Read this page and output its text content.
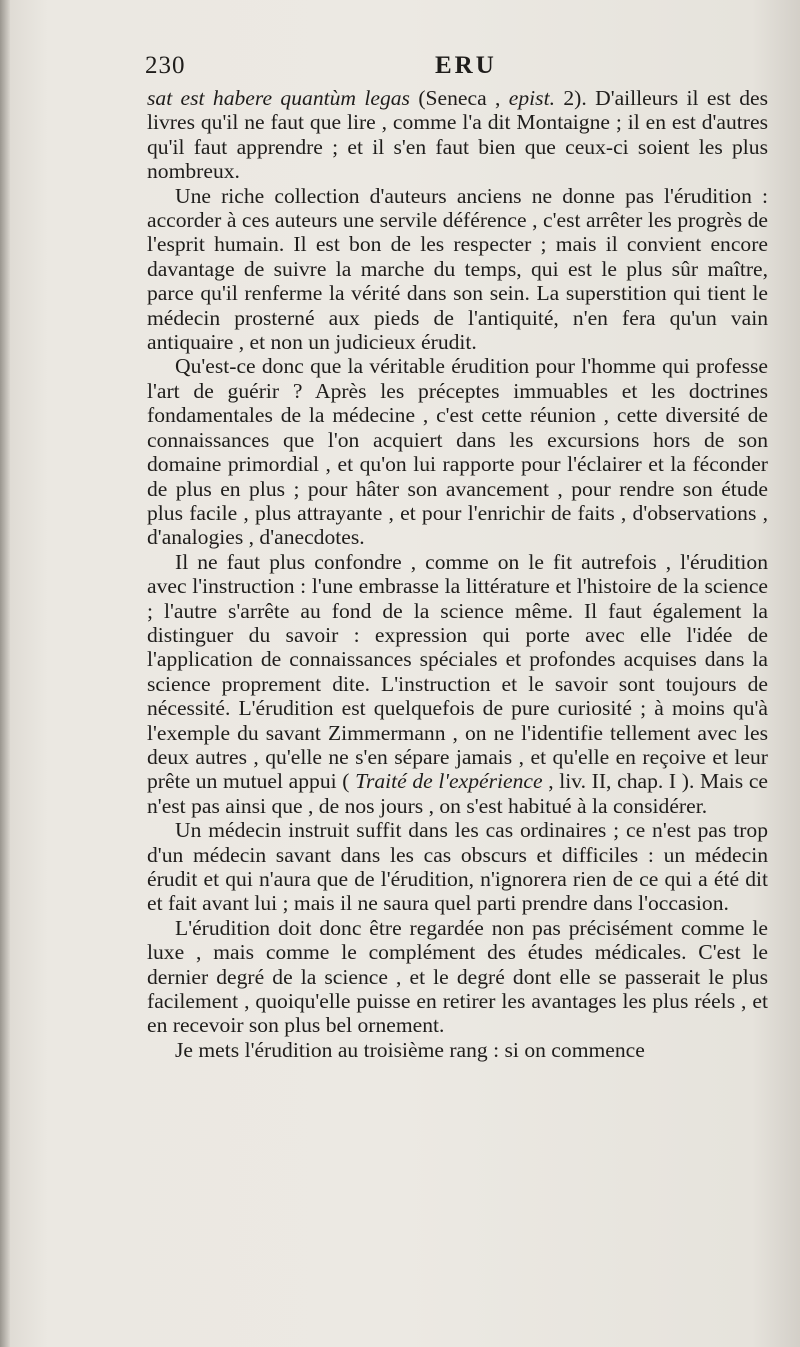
230	ERU

sat est habere quantùm legas (Seneca , epist. 2). D'ailleurs il est des livres qu'il ne faut que lire , comme l'a dit Montaigne ; il en est d'autres qu'il faut apprendre ; et il s'en faut bien que ceux-ci soient les plus nombreux.

Une riche collection d'auteurs anciens ne donne pas l'érudition : accorder à ces auteurs une servile déférence , c'est arrêter les progrès de l'esprit humain. Il est bon de les respecter ; mais il convient encore davantage de suivre la marche du temps, qui est le plus sûr maître, parce qu'il renferme la vérité dans son sein. La superstition qui tient le médecin prosterné aux pieds de l'antiquité, n'en fera qu'un vain antiquaire , et non un judicieux érudit.

Qu'est-ce donc que la véritable érudition pour l'homme qui professe l'art de guérir ? Après les préceptes immuables et les doctrines fondamentales de la médecine , c'est cette réunion , cette diversité de connaissances que l'on acquiert dans les excursions hors de son domaine primordial , et qu'on lui rapporte pour l'éclairer et la féconder de plus en plus ; pour hâter son avancement , pour rendre son étude plus facile , plus attrayante , et pour l'enrichir de faits , d'observations , d'analogies , d'anecdotes.

Il ne faut plus confondre , comme on le fit autrefois , l'érudition avec l'instruction : l'une embrasse la littérature et l'histoire de la science ; l'autre s'arrête au fond de la science même. Il faut également la distinguer du savoir : expression qui porte avec elle l'idée de l'application de connaissances spéciales et profondes acquises dans la science proprement dite. L'instruction et le savoir sont toujours de nécessité. L'érudition est quelquefois de pure curiosité ; à moins qu'à l'exemple du savant Zimmermann , on ne l'identifie tellement avec les deux autres , qu'elle ne s'en sépare jamais , et qu'elle en reçoive et leur prête un mutuel appui ( Traité de l'expérience , liv. II, chap. I ). Mais ce n'est pas ainsi que , de nos jours , on s'est habitué à la considérer.

Un médecin instruit suffit dans les cas ordinaires ; ce n'est pas trop d'un médecin savant dans les cas obscurs et difficiles : un médecin érudit et qui n'aura que de l'érudition, n'ignorera rien de ce qui a été dit et fait avant lui ; mais il ne saura quel parti prendre dans l'occasion.

L'érudition doit donc être regardée non pas précisément comme le luxe , mais comme le complément des études médicales. C'est le dernier degré de la science , et le degré dont elle se passerait le plus facilement , quoiqu'elle puisse en retirer les avantages les plus réels , et en recevoir son plus bel ornement.

Je mets l'érudition au troisième rang : si on commence
